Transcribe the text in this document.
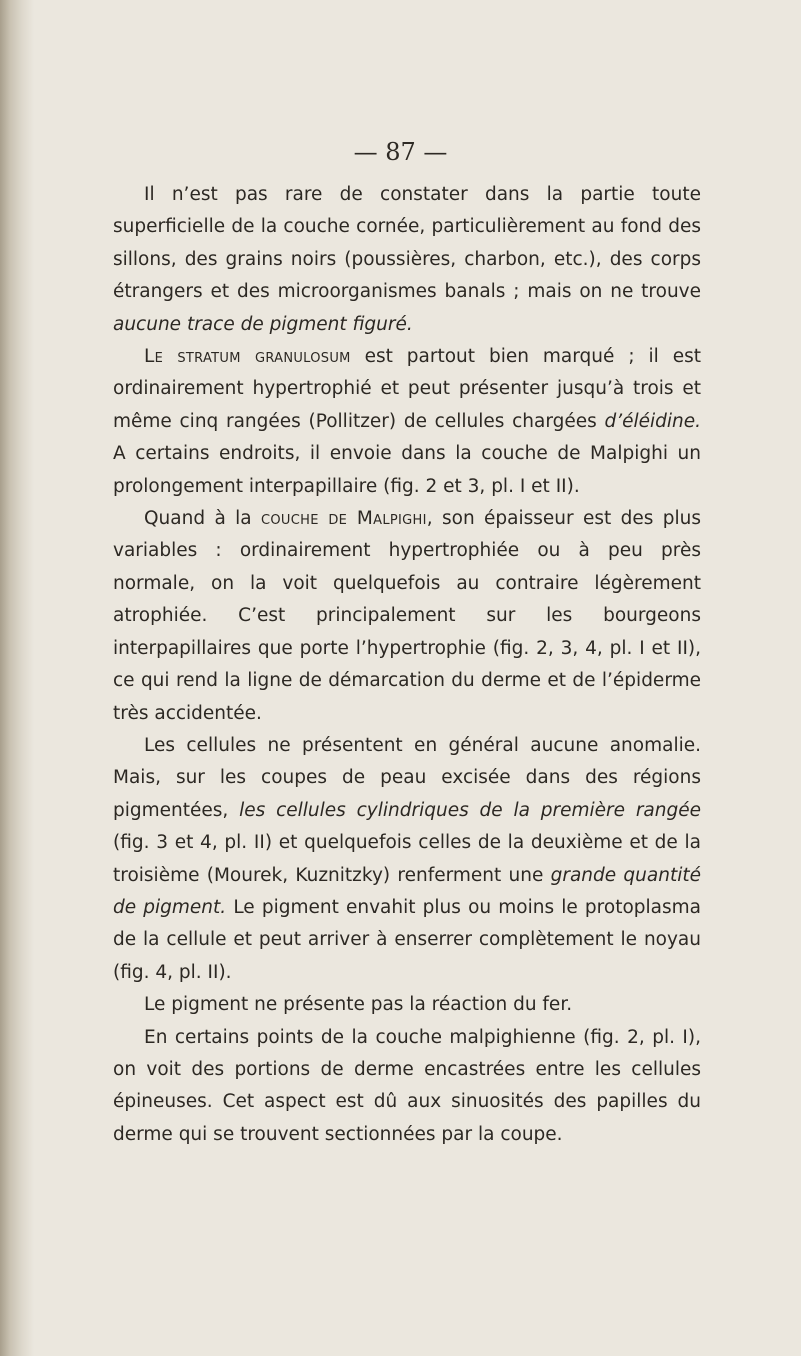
— 87 —

Il n’est pas rare de constater dans la partie toute superficielle de la couche cornée, particulièrement au fond des sillons, des grains noirs (poussières, charbon, etc.), des corps étrangers et des microorganismes banals ; mais on ne trouve aucune trace de pigment figuré.

Le stratum granulosum est partout bien marqué ; il est ordinairement hypertrophié et peut présenter jusqu’à trois et même cinq rangées (Pollitzer) de cellules chargées d’éléidine. A certains endroits, il envoie dans la couche de Malpighi un prolongement interpapillaire (fig. 2 et 3, pl. I et II).

Quand à la couche de Malpighi, son épaisseur est des plus variables : ordinairement hypertrophiée ou à peu près normale, on la voit quelquefois au contraire légèrement atrophiée. C’est principalement sur les bourgeons interpapillaires que porte l’hypertrophie (fig. 2, 3, 4, pl. I et II), ce qui rend la ligne de démarcation du derme et de l’épiderme très accidentée.

Les cellules ne présentent en général aucune anomalie. Mais, sur les coupes de peau excisée dans des régions pigmentées, les cellules cylindriques de la première rangée (fig. 3 et 4, pl. II) et quelquefois celles de la deuxième et de la troisième (Mourek, Kuznitzky) renferment une grande quantité de pigment. Le pigment envahit plus ou moins le protoplasma de la cellule et peut arriver à enserrer complètement le noyau (fig. 4, pl. II).

Le pigment ne présente pas la réaction du fer.

En certains points de la couche malpighienne (fig. 2, pl. I), on voit des portions de derme encastrées entre les cellules épineuses. Cet aspect est dû aux sinuosités des papilles du derme qui se trouvent sectionnées par la coupe.
